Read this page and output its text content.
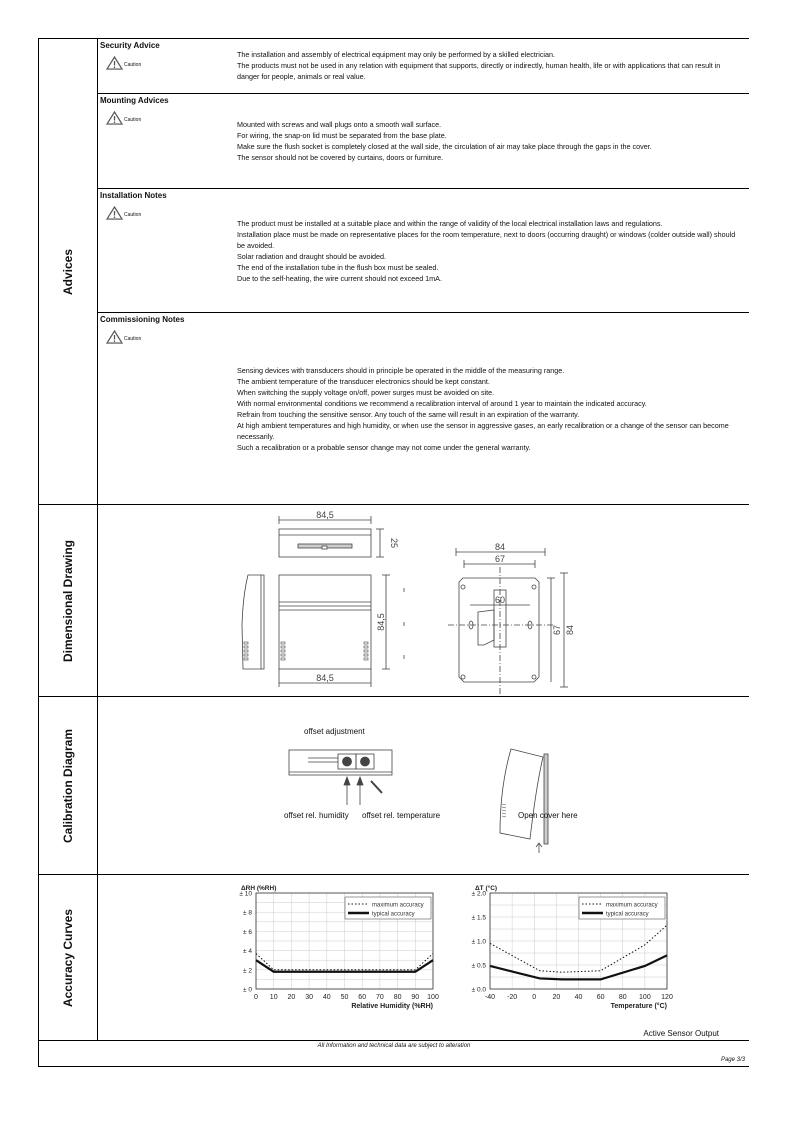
Advices
Security Advice
Caution

The installation and assembly of electrical equipment may only be performed by a skilled electrician.

The products must not be used in any relation with equipment that supports, directly or indirectly, human health, life or with applications that can result in danger for people, animals or real value.

Mounting Advices
Caution	Mounted with screws and wall plugs onto a smooth wall surface.

For wiring, the snap-on lid must be separated from the base plate.

Make sure the flush socket is completely closed at the wall side, the circulation of air may take place through the gaps in the cover.

The sensor should not be covered by curtains, doors or furniture.

Installation Notes
Caution

The product must be installed at a suitable place and within the range of validity of the local electrical installation laws and regulations.

Installation place must be made on representative places for the room temperature, next to doors (occurring draught) or windows (colder outside wall) should be avoided.

Solar radiation and draught should be avoided.

The end of the installation tube in the flush box must be sealed.

Due to the self-heating, the wire current should not exceed 1mA.

Commissioning Notes
Caution

Sensing devices with transducers should in principle be operated in the middle of the measuring range.

The ambient temperature of the transducer electronics should be kept constant.

When switching the supply voltage on/off, power surges must be avoided on site.

With normal environmental conditions we recommend a recalibration interval of around 1 year to maintain the indicated accuracy.

Refrain from touching the sensitive sensor. Any touch of the same will result in an expiration of the warranty.

At high ambient temperatures and high humidity, or when use the sensor in aggressive gases, an early recalibration or a change of the sensor can become necessarily.

Such a recalibration or a probable sensor change may not come under the general warranty.

Dimensional Drawing
84,5
25
84,5
84,5
84
67
60
67 84
Calibration Diagram	offset adjustment
offset rel. humidity offset rel. temperature	Open cover here
Accuracy Curves	0 10 20 30 40 50 60 70 80 90 100
± 0
± 2
± 4
± 6
± 8
± 10
ΔRH (%RH)
Relative Humidity (%RH)
maximum accuracy
typical accuracy
-40 -20 0 20 40 60 80 100 120
± 0.0
± 0.5
± 1.0
± 1.5
± 2.0
ΔT (°C)
Temperature (°C)
maximum accuracy
typical accuracy
Active Sensor Output
All Information and technical data are subject to alteration
Page 3/3
